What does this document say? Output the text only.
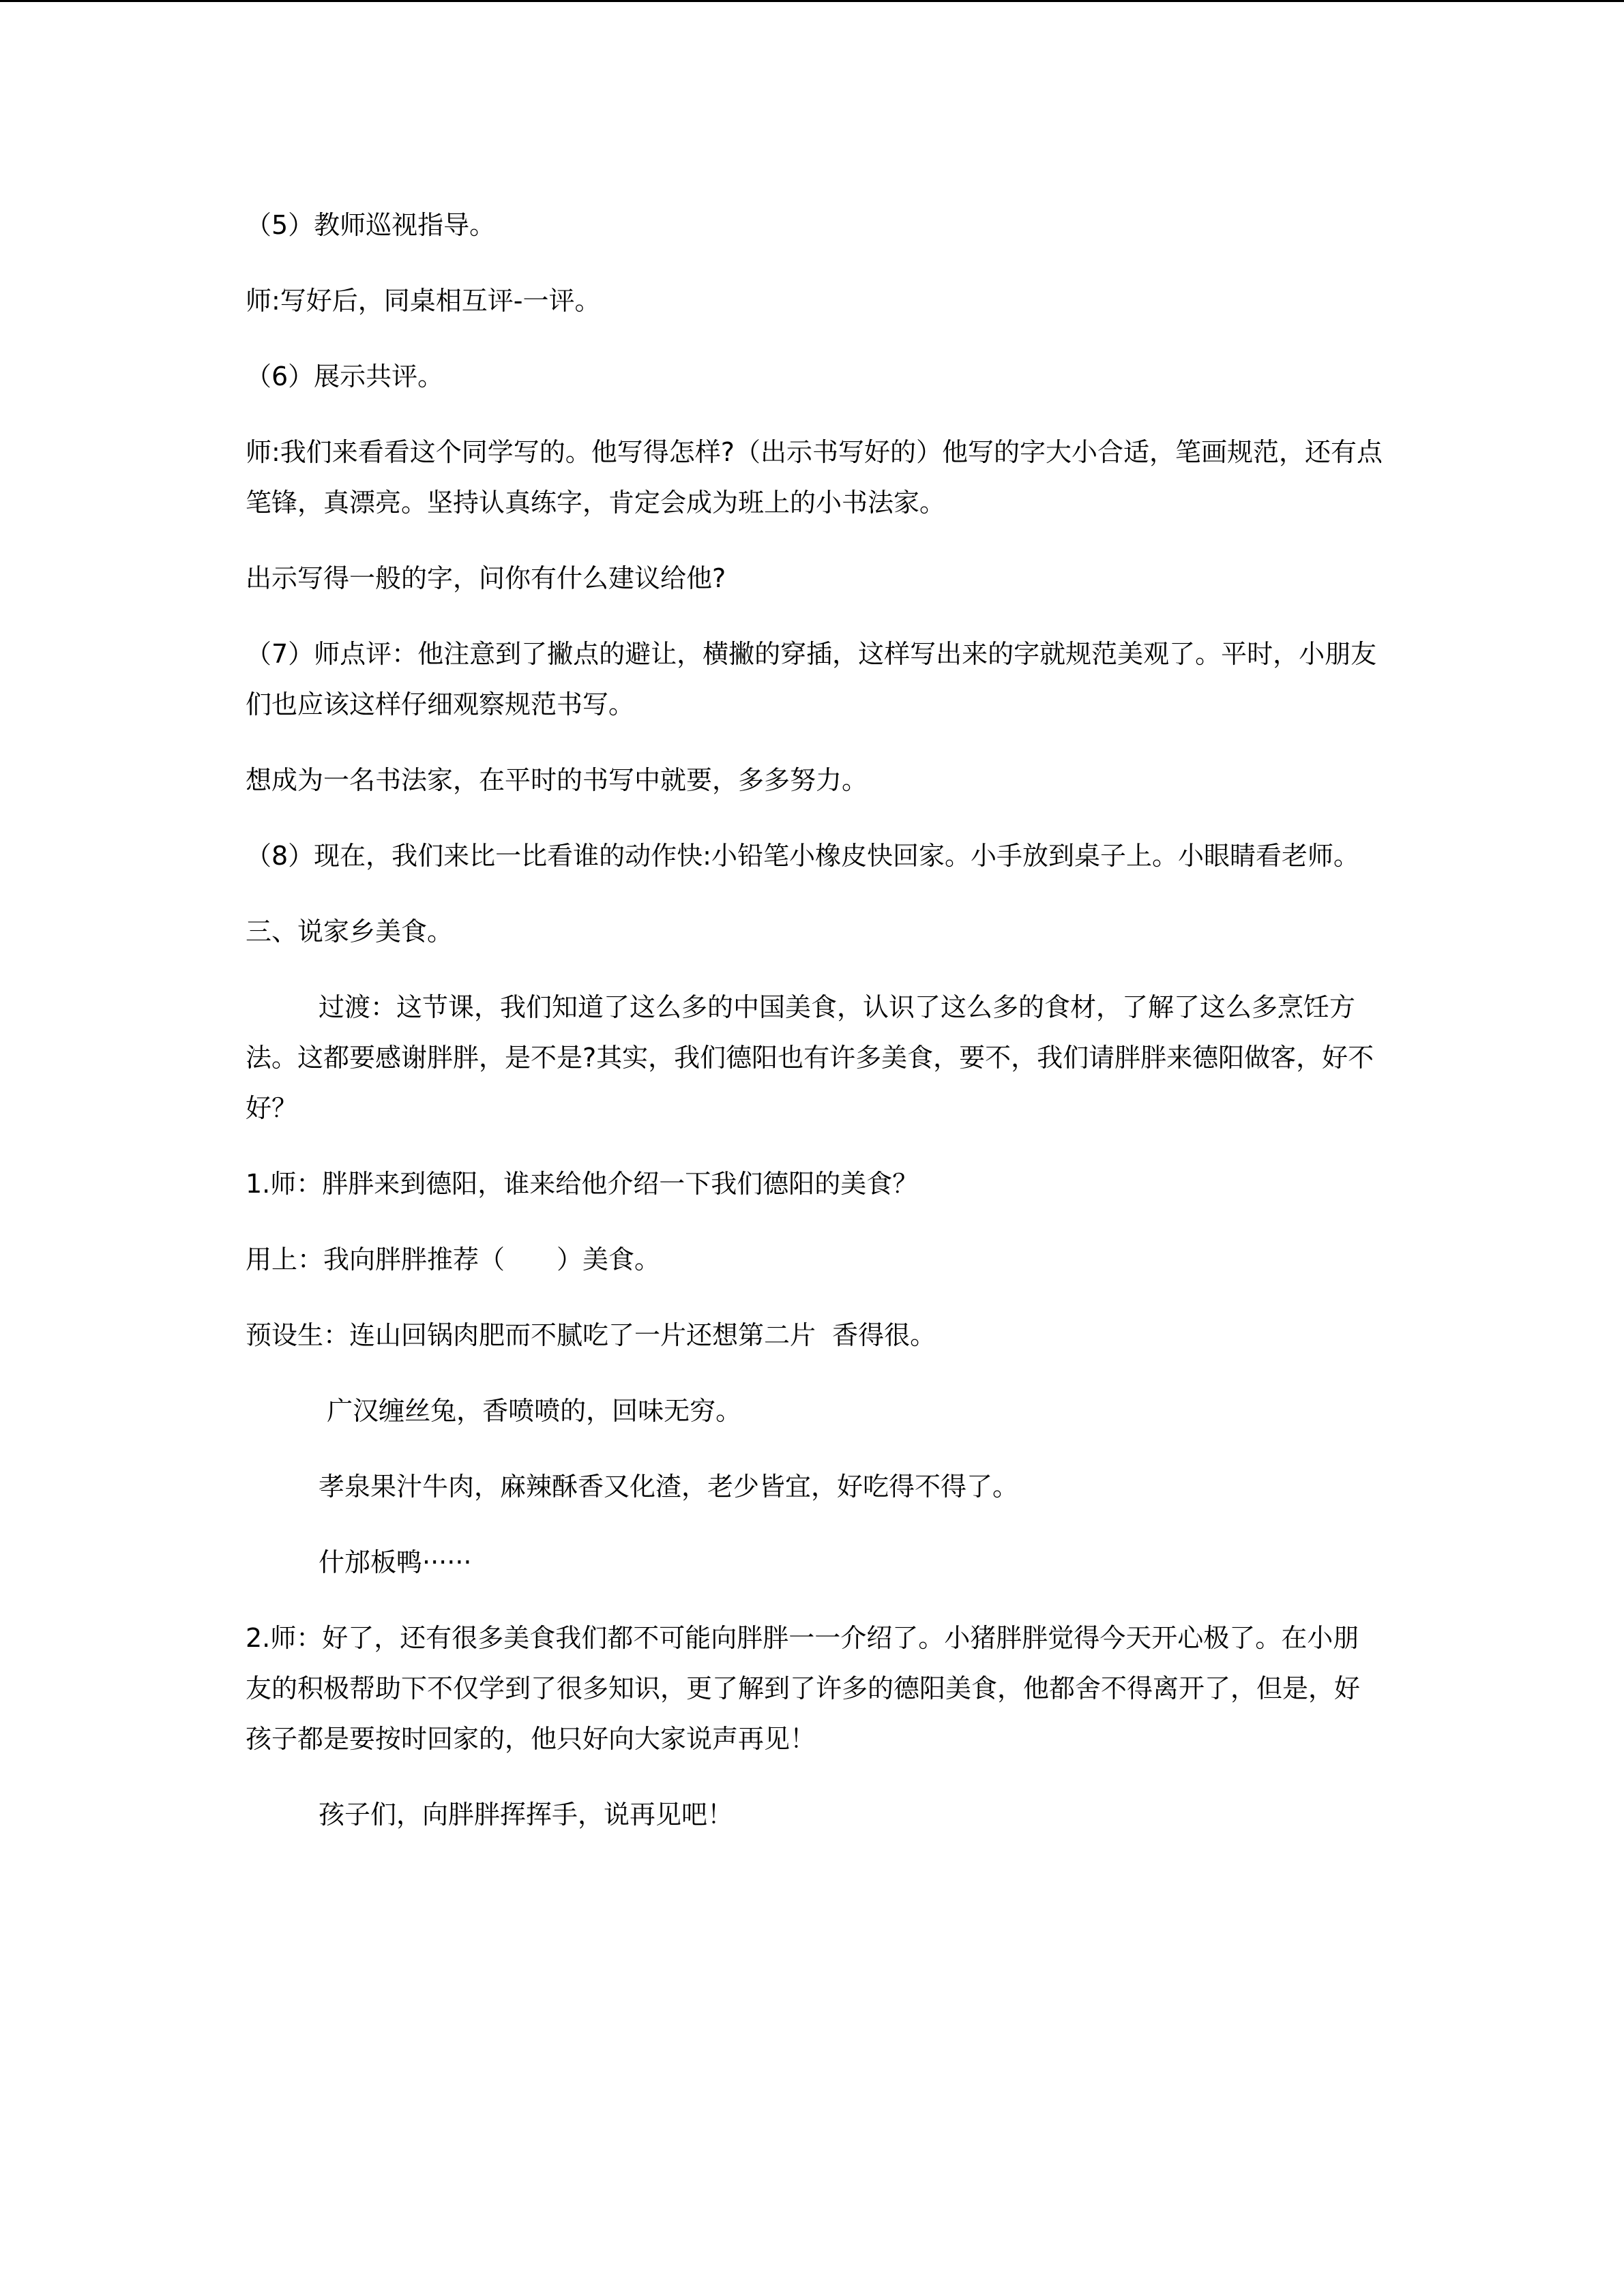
（5）教师巡视指导。

师:写好后，同桌相互评-一评。

（6）展示共评。

师:我们来看看这个同学写的。他写得怎样?（出示书写好的）他写的字大小合适，笔画规范，还有点笔锋，真漂亮。坚持认真练字，肯定会成为班上的小书法家。

出示写得一般的字，问你有什么建议给他?

（7）师点评：他注意到了撇点的避让，横撇的穿插，这样写出来的字就规范美观了。平时，小朋友们也应该这样仔细观察规范书写。

想成为一名书法家，在平时的书写中就要，多多努力。

（8）现在，我们来比一比看谁的动作快:小铅笔小橡皮快回家。小手放到桌子上。小眼睛看老师。

三、说家乡美食。

过渡：这节课，我们知道了这么多的中国美食，认识了这么多的食材，了解了这么多烹饪方法。这都要感谢胖胖，是不是?其实，我们德阳也有许多美食，要不，我们请胖胖来德阳做客，好不好？

1.师：胖胖来到德阳，谁来给他介绍一下我们德阳的美食？

用上：我向胖胖推荐（　　）美食。

预设生：连山回锅肉肥而不腻吃了一片还想第二片  香得很。

广汉缠丝兔，香喷喷的，回味无穷。

孝泉果汁牛肉，麻辣酥香又化渣，老少皆宜，好吃得不得了。

什邡板鸭······

2.师：好了，还有很多美食我们都不可能向胖胖一一介绍了。小猪胖胖觉得今天开心极了。在小朋友的积极帮助下不仅学到了很多知识，更了解到了许多的德阳美食，他都舍不得离开了，但是，好孩子都是要按时回家的，他只好向大家说声再见！

孩子们，向胖胖挥挥手，说再见吧！
